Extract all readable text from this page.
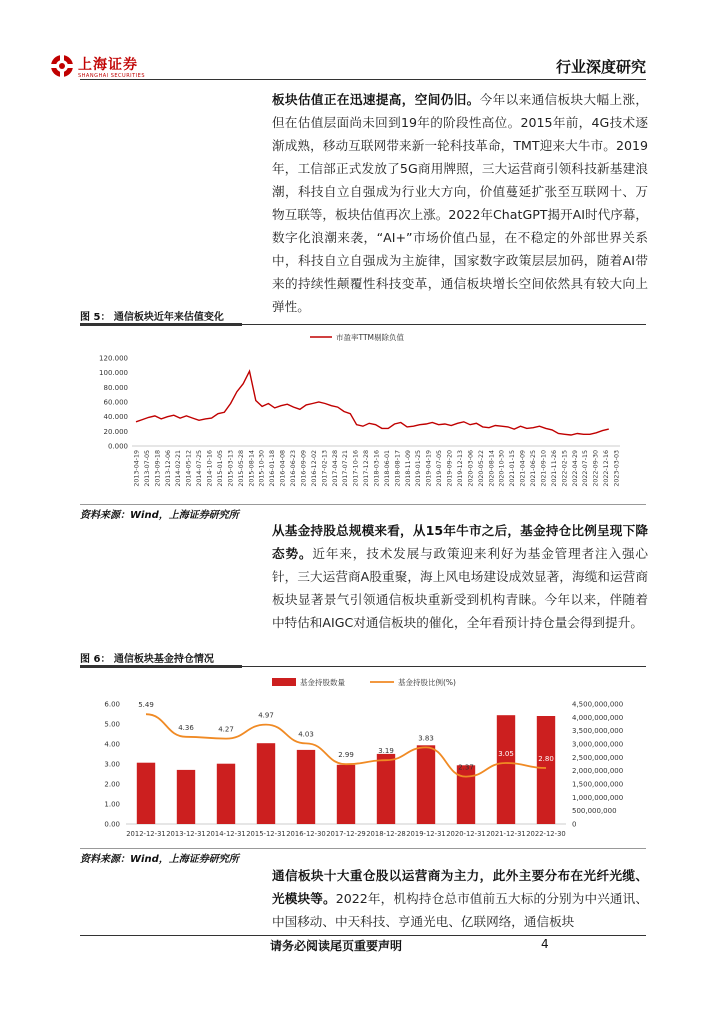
上海证券
SHANGHAI SECURITIES	行业深度研究
板块估值正在迅速提高，空间仍旧。今年以来通信板块大幅上涨，但在估值层面尚未回到19年的阶段性高位。2015年前，4G技术逐渐成熟，移动互联网带来新一轮科技革命，TMT迎来大牛市。2019年，工信部正式发放了5G商用牌照，三大运营商引领科技新基建浪潮，科技自立自强成为行业大方向，价值蔓延扩张至互联网十、万物互联等，板块估值再次上涨。2022年ChatGPT揭开AI时代序幕，数字化浪潮来袭，“AI+”市场价值凸显，在不稳定的外部世界关系中，科技自立自强成为主旋律，国家数字政策层层加码，随着AI带来的持续性颠覆性科技变革，通信板块增长空间依然具有较大向上弹性。
图 5： 通信板块近年来估值变化
市盈率TTM剔除负值
0.000
20.000
40.000
60.000
80.000
100.000
120.000
2013-04-19 2013-07-05 2013-09-18 2013-12-06 2014-02-21 2014-05-12 2014-07-25 2014-10-16 2015-01-05 2015-03-13 2015-05-28 2015-08-14 2015-10-30 2016-01-18 2016-04-08 2016-06-23 2016-09-09 2016-12-02 2017-02-13 2017-04-28 2017-07-21 2017-10-16 2017-12-28 2018-03-16 2018-06-01 2018-08-17 2018-11-09 2019-01-25 2019-04-19 2019-07-05 2019-09-20 2019-12-13 2020-03-06 2020-05-22 2020-08-14 2020-10-30 2021-01-15 2021-04-09 2021-06-25 2021-09-10 2021-11-26 2022-02-15 2022-04-29 2022-07-15 2022-09-30 2022-12-16 2023-03-03
资料来源：Wind，上海证券研究所
从基金持股总规模来看，从15年牛市之后，基金持仓比例呈现下降态势。近年来，技术发展与政策迎来利好为基金管理者注入强心针，三大运营商A股重聚，海上风电场建设成效显著，海缆和运营商板块显著景气引领通信板块重新受到机构青睐。今年以来，伴随着中特估和AIGC对通信板块的催化，全年看预计持仓量会得到提升。
图 6： 通信板块基金持仓情况
基金持股数量	基金持股比例(%)
0.00
1.00
2.00
3.00
4.00
5.00
6.00
0
500,000,000
1,000,000,000
1,500,000,000
2,000,000,000
2,500,000,000
3,000,000,000
3,500,000,000
4,000,000,000
4,500,000,000
5.49
4.36	4.27
4.97
4.03
2.99	3.19
3.83
2.37
3.05
2.80
2012-12-31 2013-12-31 2014-12-31 2015-12-31 2016-12-30 2017-12-29 2018-12-28 2019-12-31 2020-12-31 2021-12-31 2022-12-30
资料来源：Wind，上海证券研究所
通信板块十大重仓股以运营商为主力，此外主要分布在光纤光缆、光模块等。2022年，机构持仓总市值前五大标的分别为中兴通讯、中国移动、中天科技、亨通光电、亿联网络，通信板块
请务必阅读尾页重要声明	4
